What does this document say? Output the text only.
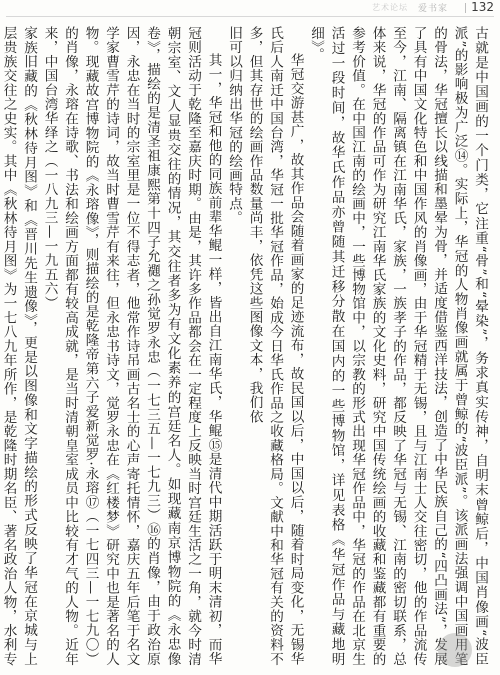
艺术论坛 爱书家 132

古就是中国画的一个门类，它注重“骨”和“晕染”，务求真实传神，自明末曾鲸后，中国肖像画“波臣派”的影响极为广泛⑭。实际上，华冠的人物肖像画就属于曾鲸的“波臣派”。该派画法强调中国画用笔的骨法，华冠擅长以线描和墨晕为骨，并适度借鉴西洋技法，创造了中华民族自己的“四凸画法”，发展了具有中国文化特色和中国作风的肖像画，由于华冠精于无锡，且与江南士人交往密切，他的作品流传至今，江南、隔离镇在江南华氏，家族，一族孝子的作品，都反映了华冠与无锡、江南的密切联系，总体来说，华冠的作品可作为研究江南华氏家族的文化史料，研究中国传统绘画的收藏和鉴藏都有重要的参考价值。在中国江南的绘画中，一些博物馆中，以宗教的形式出现华冠作品中，华冠的作品在北京生活过一段时间，故华氏作品亦曾随其迁移分散在国内的一些博物馆，详见表格《华冠作品与藏地明细》。

华冠交游甚广，故其作品会随着画家的足迹流布，故民国以后，中国以后，随着时局变化，无锡华氏后人南迁中国台湾，华冠一批华冠作品，始成今日华氏作品之收藏格局。文献中和华冠有关的资料不多，但其存世的绘画作品数量尚丰，依凭这些图像文本，我们依

旧可以归纳出华冠的绘画特点。

其一，华冠和他的同族前辈华鲲一样，皆出自江南华氏，华鲲⑮是清代中期活跃于明末清初，而华冠则活动于乾隆至嘉庆时期。由是，其许多作品都会在一定程度上反映当时宫廷生活之一角，就今时清朝宗室、文人显贵交往的情况，其交往者多为有文化素养的宫廷名人。如现藏南京博物院的《永忠像卷》，描绘的是清圣祖康熙第十四子允禵之孙觉罗永忠（一七三五—一七九三）⑯的肖像，由于政治原因，永忠在当时的宗室里是一位不得志者，他常作诗吊画古名士的心声寄托情怀，嘉庆五年后笔于名文学家曹雪芹的诗词，故当时曹雪芹有来往，但永忠书诗文，觉罗永忠在《红楼梦》研究中也是著名的人物。现藏故宫博物院的《永瑢像》，则描绘的是乾隆帝第六子爱新觉罗·永瑢⑰（一七四三—一七九〇）的肖像，永瑢在诗歌、书法和绘画方面都有较高成就，是当时清朝皇室成员中比较有才气的人物。近年来，中国台湾华绎之（一八九三—一九五六）

家族旧藏的《秋林待月图》和《晋川先生遗像》，更是以图像和文字描绘的形式反映了华冠在京城与上层贵族交往之史实。其中《秋林待月图》为一七八九年所作，是乾隆时期名臣、著名政治人物，水利专
